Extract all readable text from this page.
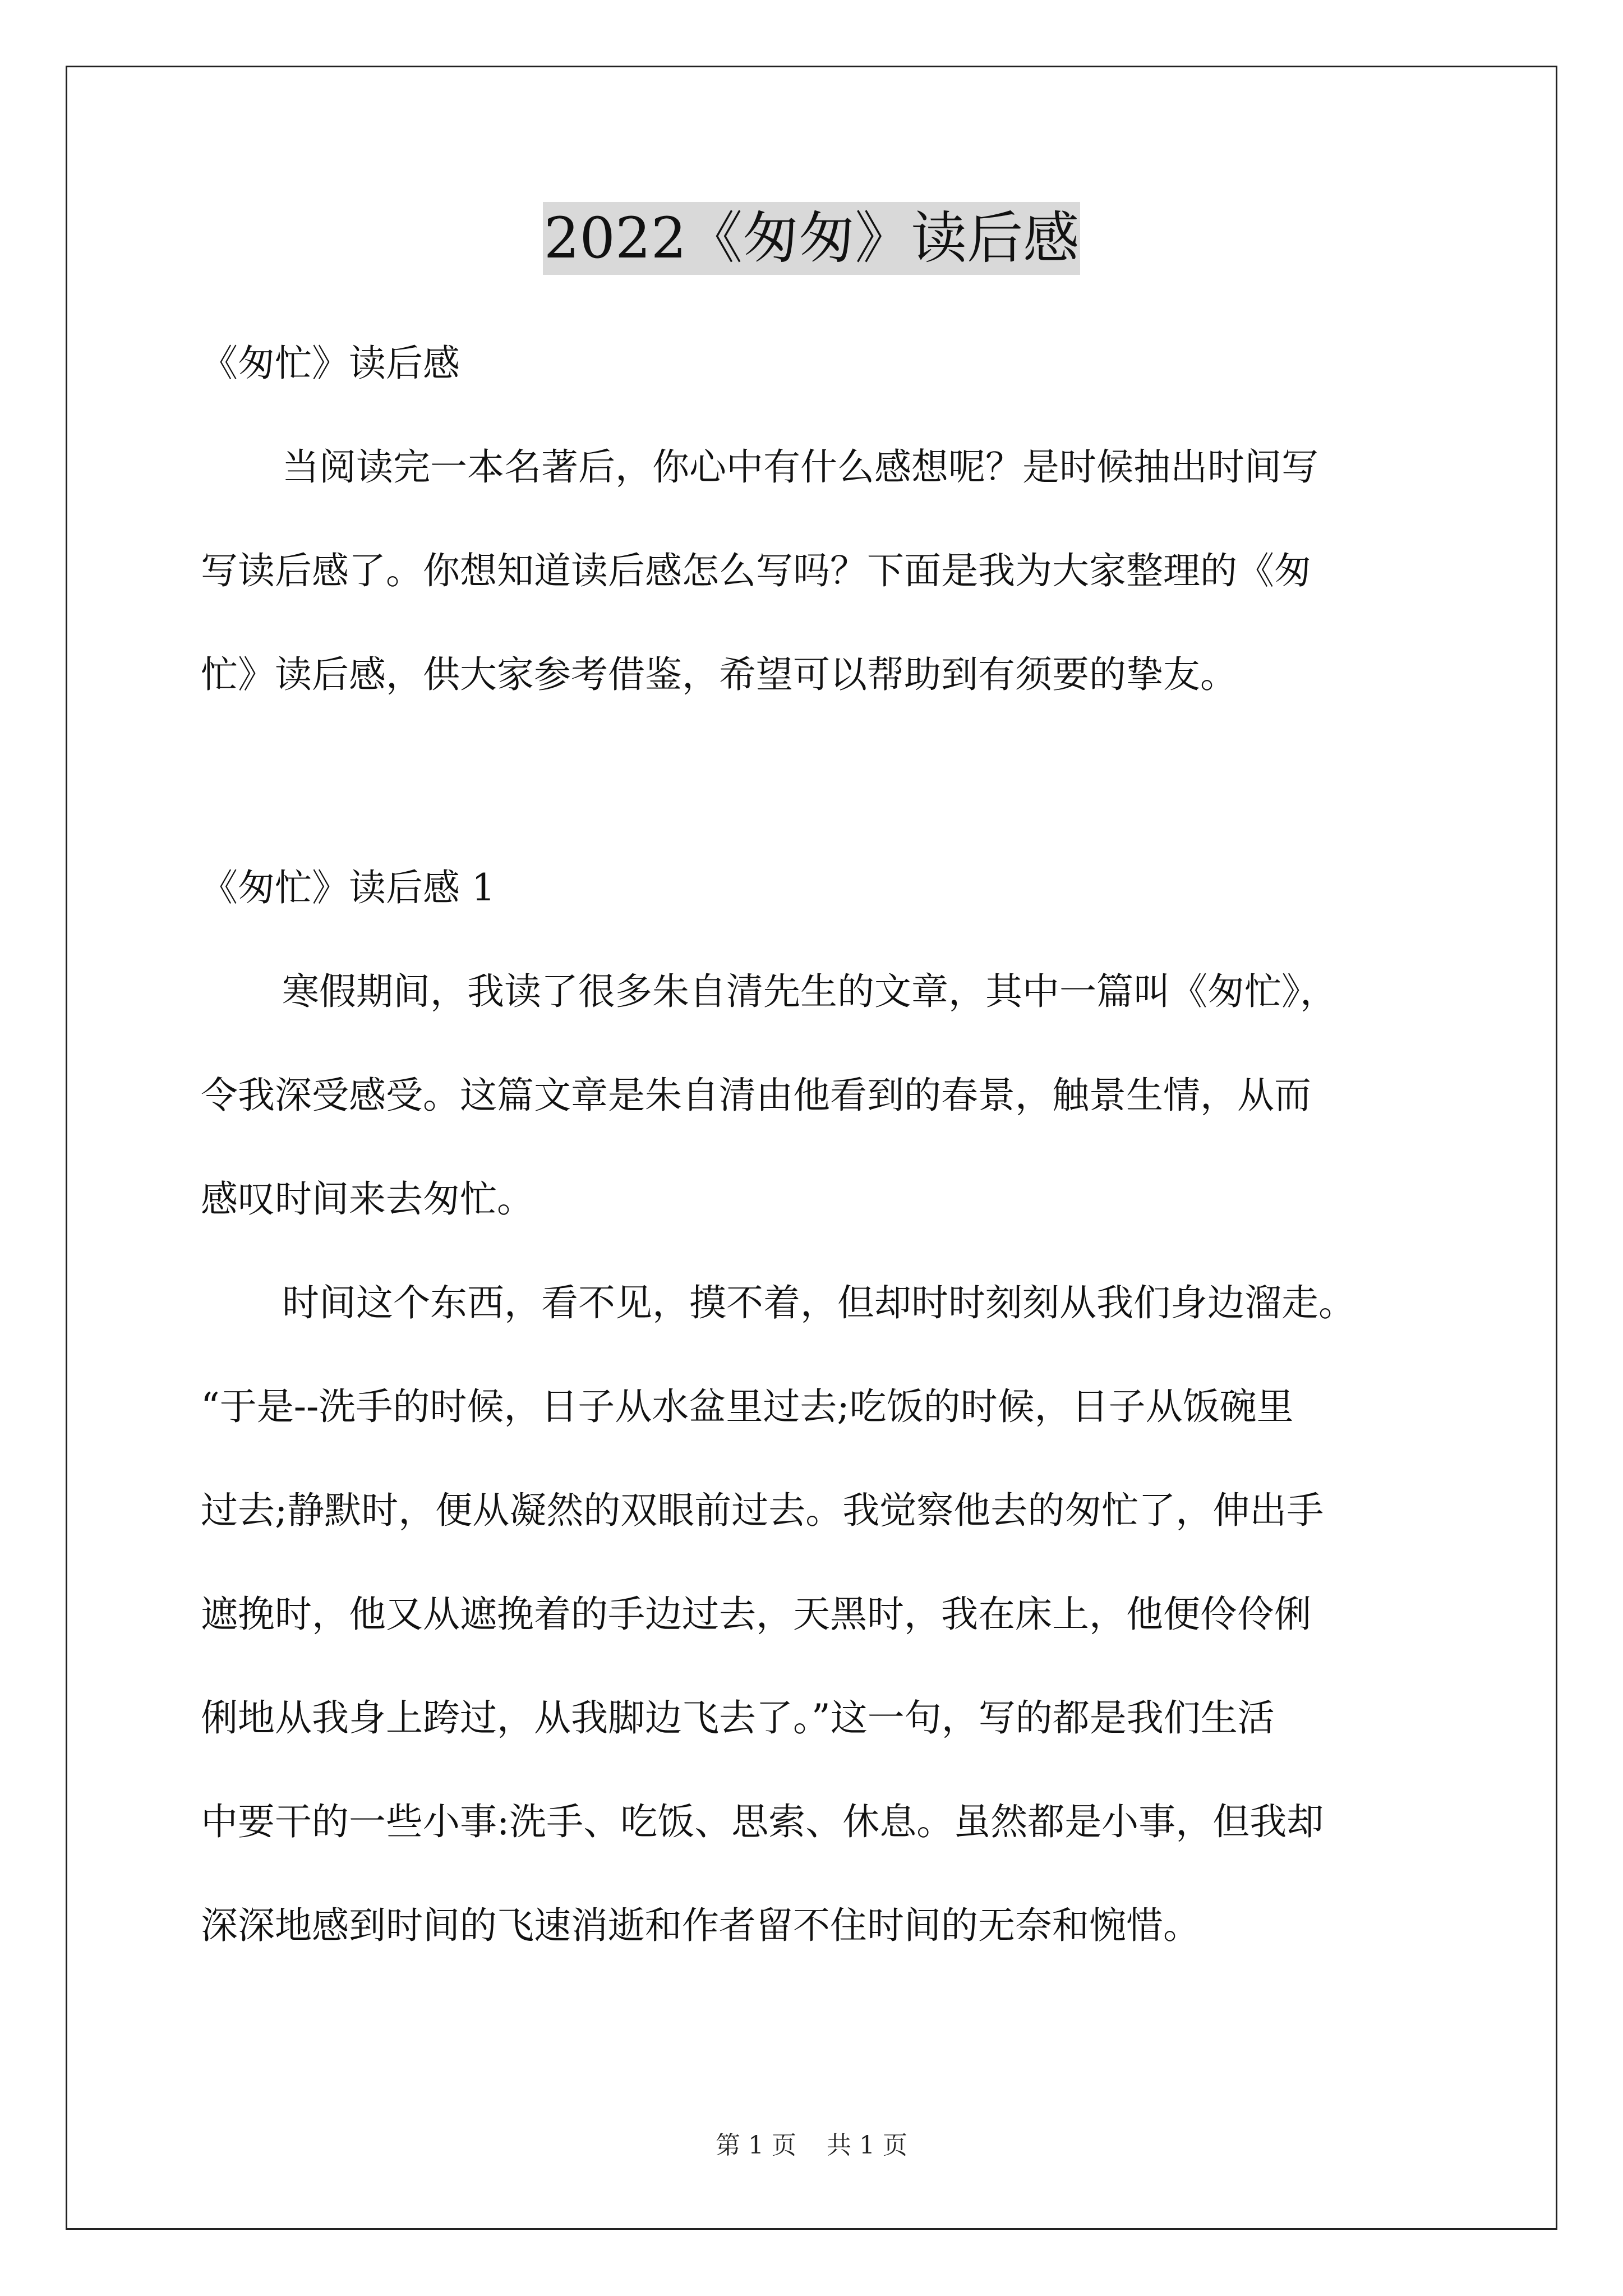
2022《匆匆》读后感
《匆忙》读后感
当阅读完一本名著后，你心中有什么感想呢？是时候抽出时间写
写读后感了。你想知道读后感怎么写吗？下面是我为大家整理的《匆
忙》读后感，供大家参考借鉴，希望可以帮助到有须要的挚友。
《匆忙》读后感 1
寒假期间，我读了很多朱自清先生的文章，其中一篇叫《匆忙》，
令我深受感受。这篇文章是朱自清由他看到的春景，触景生情，从而
感叹时间来去匆忙。
时间这个东西，看不见，摸不着，但却时时刻刻从我们身边溜走。
“于是--洗手的时候，日子从水盆里过去;吃饭的时候，日子从饭碗里
过去;静默时，便从凝然的双眼前过去。我觉察他去的匆忙了，伸出手
遮挽时，他又从遮挽着的手边过去，天黑时，我在床上，他便伶伶俐
俐地从我身上跨过，从我脚边飞去了。”这一句，写的都是我们生活
中要干的一些小事:洗手、吃饭、思索、休息。虽然都是小事，但我却
深深地感到时间的飞速消逝和作者留不住时间的无奈和惋惜。
第 1 页 共 1 页
